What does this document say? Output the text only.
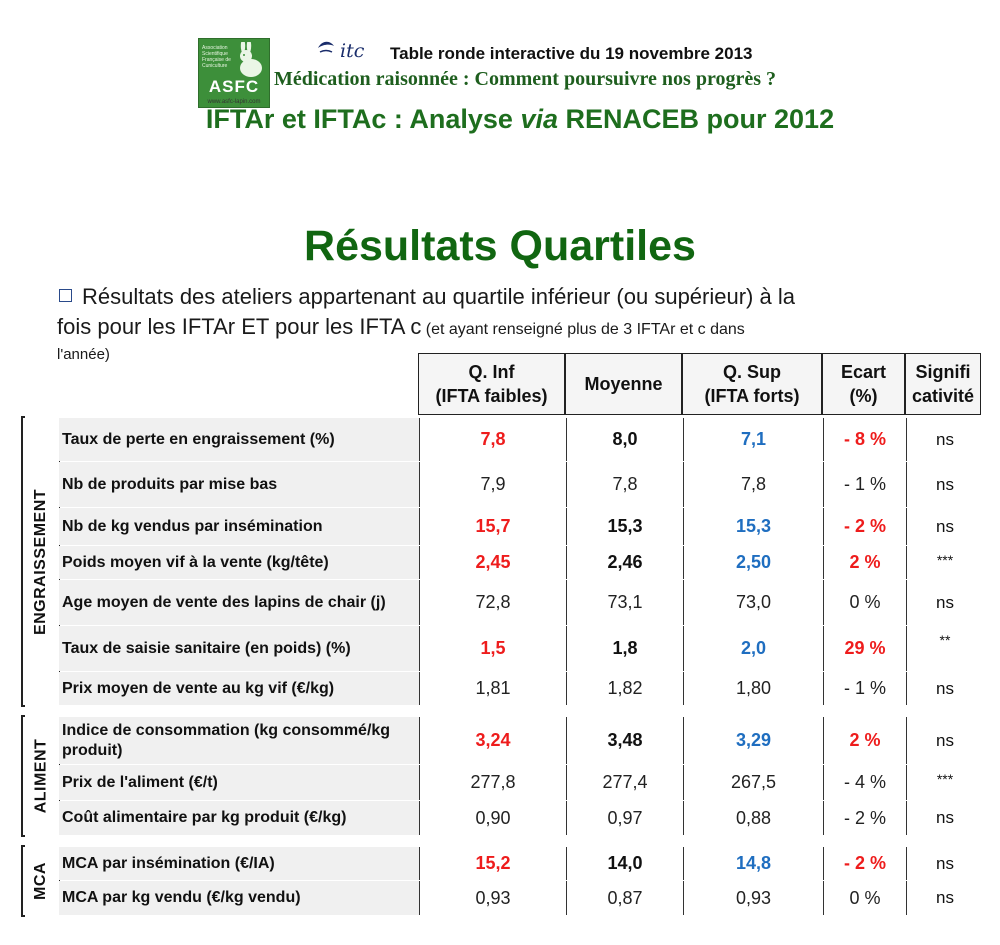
Association Scientifique Française de Cuniculture
ASFC
www.asfc-lapin.com
itc Table ronde interactive du 19 novembre 2013
Médication raisonnée : Comment poursuivre nos progrès ?
IFTAr et IFTAc : Analyse via RENACEB pour 2012
Résultats Quartiles
Résultats des ateliers appartenant au quartile inférieur (ou supérieur) à la
fois pour les IFTAr ET pour les IFTA c (et ayant renseigné plus de 3 IFTAr et c dans
l'année)
Q. Inf
(IFTA faibles)
Moyenne
Q. Sup
(IFTA forts)
Ecart
(%)
Signifi
cativité
ENGRAISSEMENT
Taux de perte en engraissement (%)	7,8	8,0	7,1	- 8 %	ns
Nb de produits par mise bas	7,9	7,8	7,8	- 1 %	ns
Nb de kg vendus par insémination	15,7	15,3	15,3	- 2 %	ns
Poids moyen vif à la vente (kg/tête)	2,45	2,46	2,50	2 %	***
Age moyen de vente des lapins de chair (j)	72,8	73,1	73,0	0 %	ns
Taux de saisie sanitaire (en poids) (%)	1,5	1,8	2,0	29 %	**
Prix moyen de vente au kg vif (€/kg)	1,81	1,82	1,80	- 1 %	ns
ALIMENT
Indice de consommation (kg consommé/kg produit)	3,24	3,48	3,29	2 %	ns
Prix de l'aliment (€/t)	277,8	277,4	267,5	- 4 %	***
Coût alimentaire par kg produit (€/kg)	0,90	0,97	0,88	- 2 %	ns
MCA MCA par insémination (€/IA)	15,2	14,0	14,8	- 2 %	ns
MCA par kg vendu (€/kg vendu)	0,93	0,87	0,93	0 %	ns
